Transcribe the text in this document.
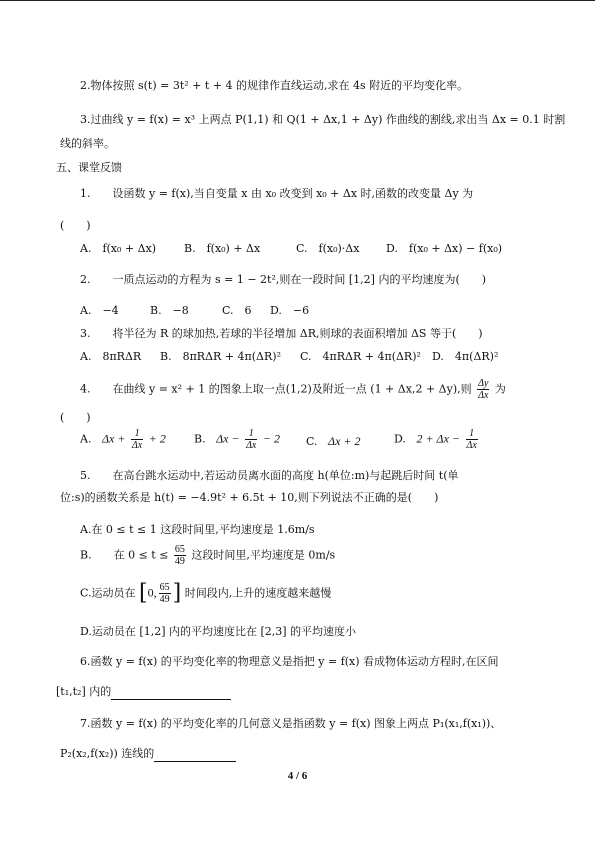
2.物体按照 s(t) = 3t² + t + 4 的规律作直线运动,求在 4s 附近的平均变化率。
3.过曲线 y = f(x) = x³ 上两点 P(1,1) 和 Q(1 + Δx,1 + Δy) 作曲线的割线,求出当 Δx = 0.1 时割
线的斜率。
五、课堂反馈
1.　　设函数 y = f(x),当自变量 x 由 x₀ 改变到 x₀ + Δx 时,函数的改变量 Δy 为
(　　)
A.　f(x₀ + Δx)	B.　f(x₀) + Δx	C.　f(x₀)·Δx D.　f(x₀ + Δx) − f(x₀)
2.　　一质点运动的方程为 s = 1 − 2t²,则在一段时间 [1,2] 内的平均速度为(　　)
A.　−4	B.　−8	C.　6 D.　−6
3.　　将半径为 R 的球加热,若球的半径增加 ΔR,则球的表面积增加 ΔS 等于(　　)
A.　8πRΔR B.　8πRΔR + 4π(ΔR)² C.　4πRΔR + 4π(ΔR)² D.　4π(ΔR)²
4.　　在曲线 y = x² + 1 的图象上取一点(1,2)及附近一点 (1 + Δx,2 + Δy),则 $\frac{\Delta y}{\Delta x}$ 为
(　　)
A. $\Delta x + \frac{1}{\Delta x} + 2$	B. $\Delta x - \frac{1}{\Delta x} - 2$ C. Δx + 2	D. $2 + \Delta x - \frac{1}{\Delta x}$
5.　　在高台跳水运动中,若运动员离水面的高度 h(单位:m)与起跳后时间 t(单
位:s)的函数关系是 h(t) = −4.9t² + 6.5t + 10,则下列说法不正确的是(　　)
A.在 0 ≤ t ≤ 1 这段时间里,平均速度是 1.6m/s
B.　　在 $0 \le t \le \frac{65}{49}$ 这段时间里,平均速度是 0m/s
C.运动员在 [0, $\frac{65}{49}$ ] 时间段内,上升的速度越来越慢
D.运动员在 [1,2] 内的平均速度比在 [2,3] 的平均速度小
6.函数 y = f(x) 的平均变化率的物理意义是指把 y = f(x) 看成物体运动方程时,在区间
[t₁,t₂] 内的
7.函数 y = f(x) 的平均变化率的几何意义是指函数 y = f(x) 图象上两点 P₁(x₁,f(x₁))、
P₂(x₂,f(x₂)) 连线的
4 / 6
